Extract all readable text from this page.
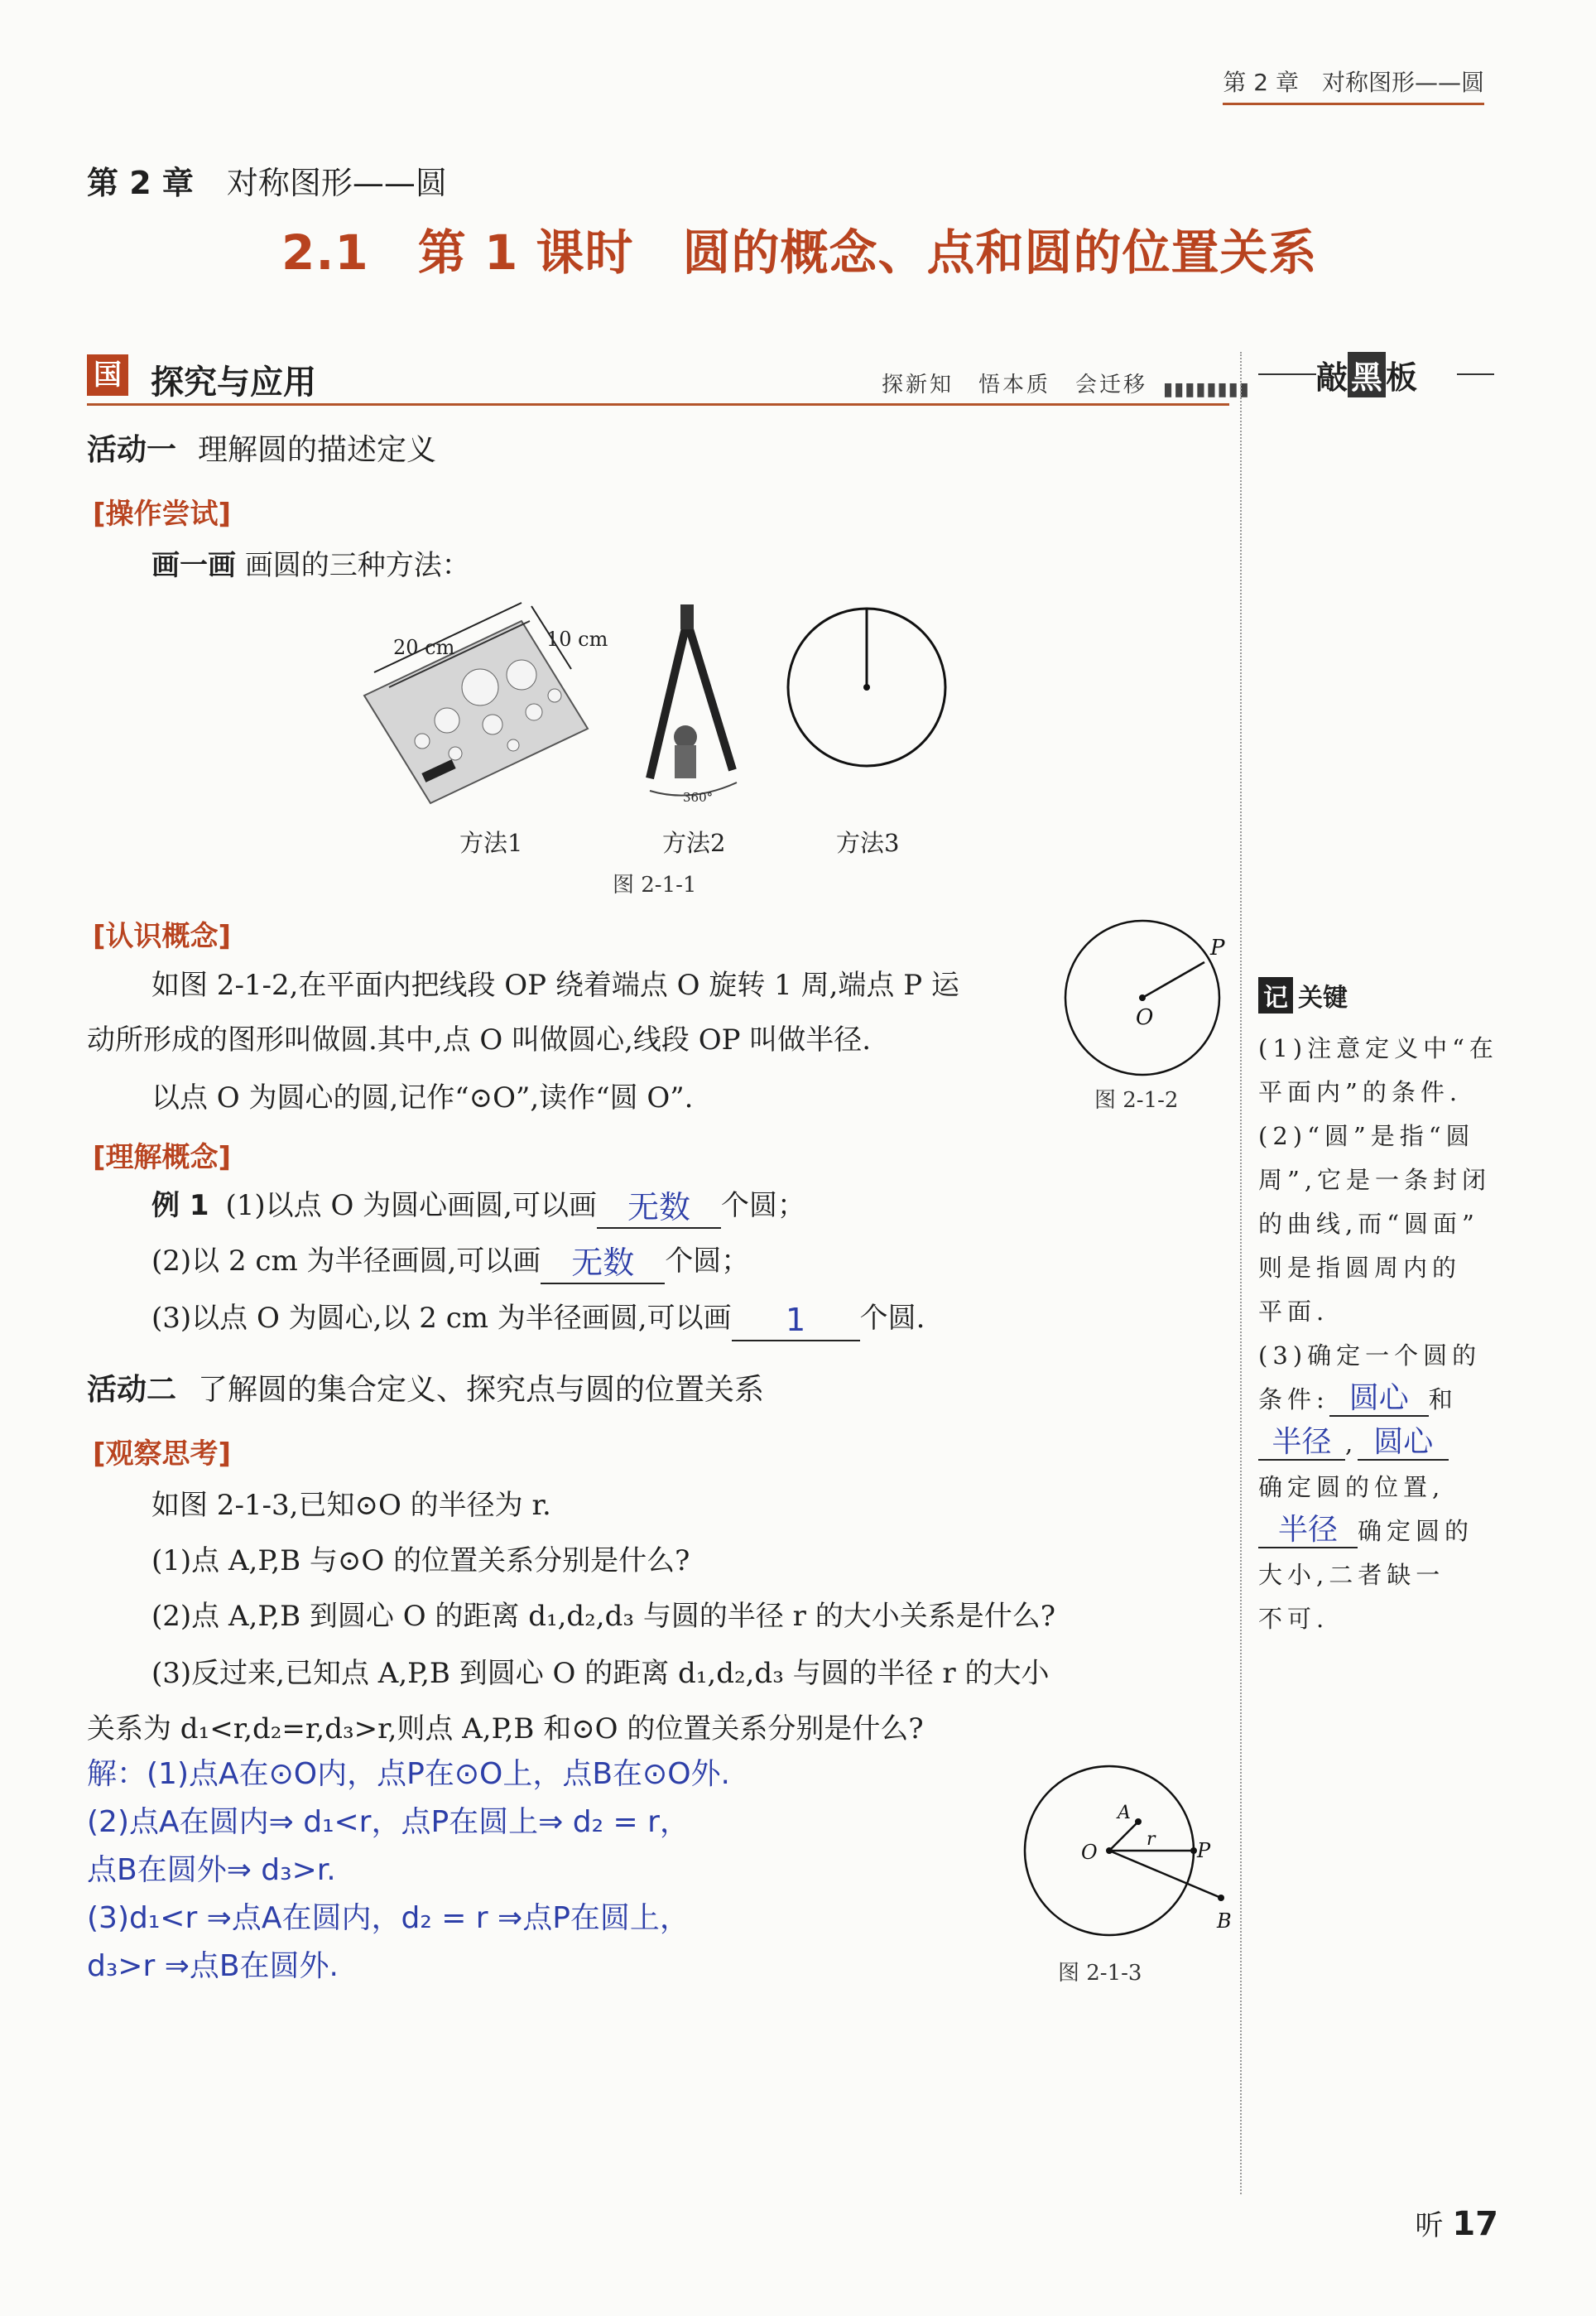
第 2 章　对称图形——圆
第 2 章 对称图形——圆
2.1　第 1 课时　圆的概念、点和圆的位置关系
国 探究与应用	探新知 悟本质 会迁移 ▮▮▮▮▮▮▮▮ 敲 黑 板
活动一 理解圆的描述定义
[操作尝试]
画一画 画圆的三种方法：
20 cm	10 cm
360°
方法1	方法2	方法3
图 2-1-1
[认识概念]
如图 2-1-2,在平面内把线段 OP 绕着端点 O 旋转 1 周,端点 P 运
动所形成的图形叫做圆.其中,点 O 叫做圆心,线段 OP 叫做半径.
以点 O 为圆心的圆,记作“⊙O”,读作“圆 O”.
P
O
图 2-1-2
[理解概念]
例 1 (1)以点 O 为圆心画圆,可以画 无数 个圆；
(2)以 2 cm 为半径画圆,可以画 无数 个圆；
(3)以点 O 为圆心,以 2 cm 为半径画圆,可以画 1 个圆.
活动二 了解圆的集合定义、探究点与圆的位置关系
[观察思考]
如图 2-1-3,已知⊙O 的半径为 r.
(1)点 A,P,B 与⊙O 的位置关系分别是什么?
(2)点 A,P,B 到圆心 O 的距离 d₁,d₂,d₃ 与圆的半径 r 的大小关系是什么?
(3)反过来,已知点 A,P,B 到圆心 O 的距离 d₁,d₂,d₃ 与圆的半径 r 的大小
关系为 d₁<r,d₂=r,d₃>r,则点 A,P,B 和⊙O 的位置关系分别是什么?
解：(1)点A在⊙O内，点P在⊙O上，点B在⊙O外.
(2)点A在圆内⇒ d₁<r，点P在圆上⇒ d₂ = r，
点B在圆外⇒ d₃>r.
(3)d₁<r ⇒点A在圆内，d₂ = r ⇒点P在圆上，
d₃>r ⇒点B在圆外.
A
O
r P
B
图 2-1-3
记 关键
(1)注意定义中“在
平面内”的条件.
(2)“圆”是指“圆
周”,它是一条封闭
的曲线,而“圆面”
则是指圆周内的
平面.
(3)确定一个圆的
条件: 圆心 和
半径 , 圆心
确定圆的位置,
半径 确定圆的
大小,二者缺一
不可.
听 17
